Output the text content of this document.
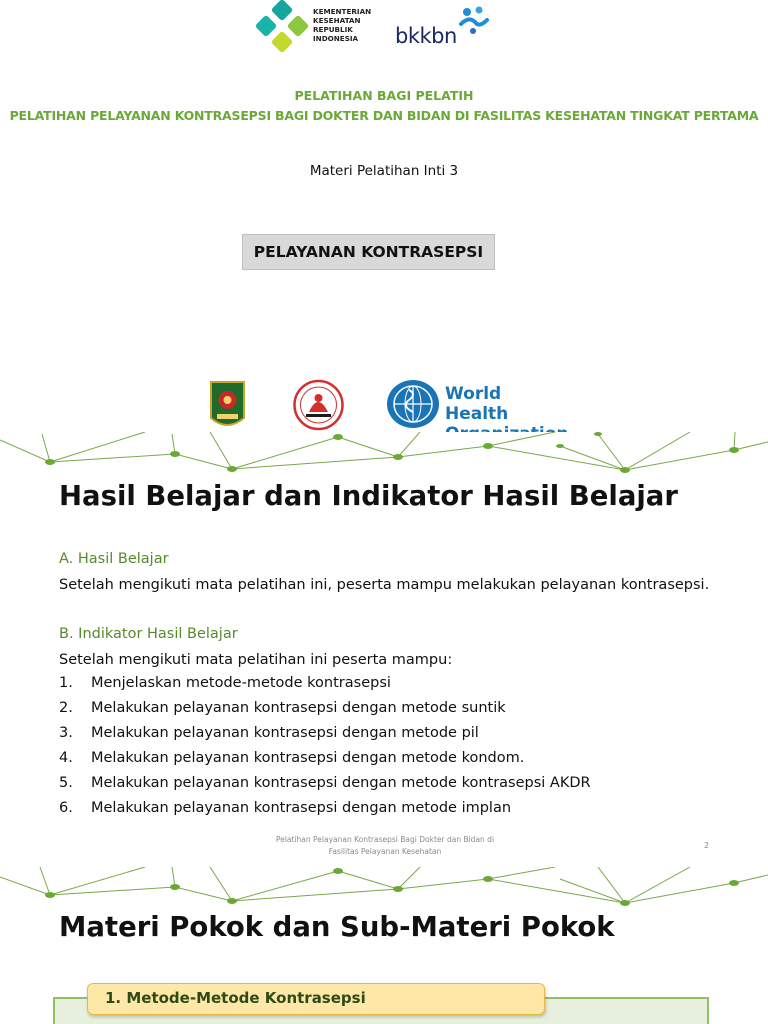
KEMENTERIAN
KESEHATAN
REPUBLIK
INDONESIA	bkkbn
PELATIHAN BAGI PELATIH
PELATIHAN PELAYANAN KONTRASEPSI BAGI DOKTER DAN BIDAN DI FASILITAS KESEHATAN TINGKAT PERTAMA
Materi Pelatihan Inti 3
PELAYANAN KONTRASEPSI
World Health
Hasil Belajar dan Indikator Hasil Belajar
A. Hasil Belajar
Setelah mengikuti mata pelatihan ini, peserta mampu melakukan pelayanan kontrasepsi.
B. Indikator Hasil Belajar
Setelah mengikuti mata pelatihan ini peserta mampu:
1. Menjelaskan metode-metode kontrasepsi
2. Melakukan pelayanan kontrasepsi dengan metode suntik
3. Melakukan pelayanan kontrasepsi dengan metode pil
4. Melakukan pelayanan kontrasepsi dengan metode kondom.
5. Melakukan pelayanan kontrasepsi dengan metode kontrasepsi AKDR
6. Melakukan pelayanan kontrasepsi dengan metode implan
Pelatihan Pelayanan Kontrasepsi Bagi Dokter dan Bidan di
Fasilitas Pelayanan Kesehatan
2
Materi Pokok dan Sub-Materi Pokok
1. Metode-Metode Kontrasepsi
